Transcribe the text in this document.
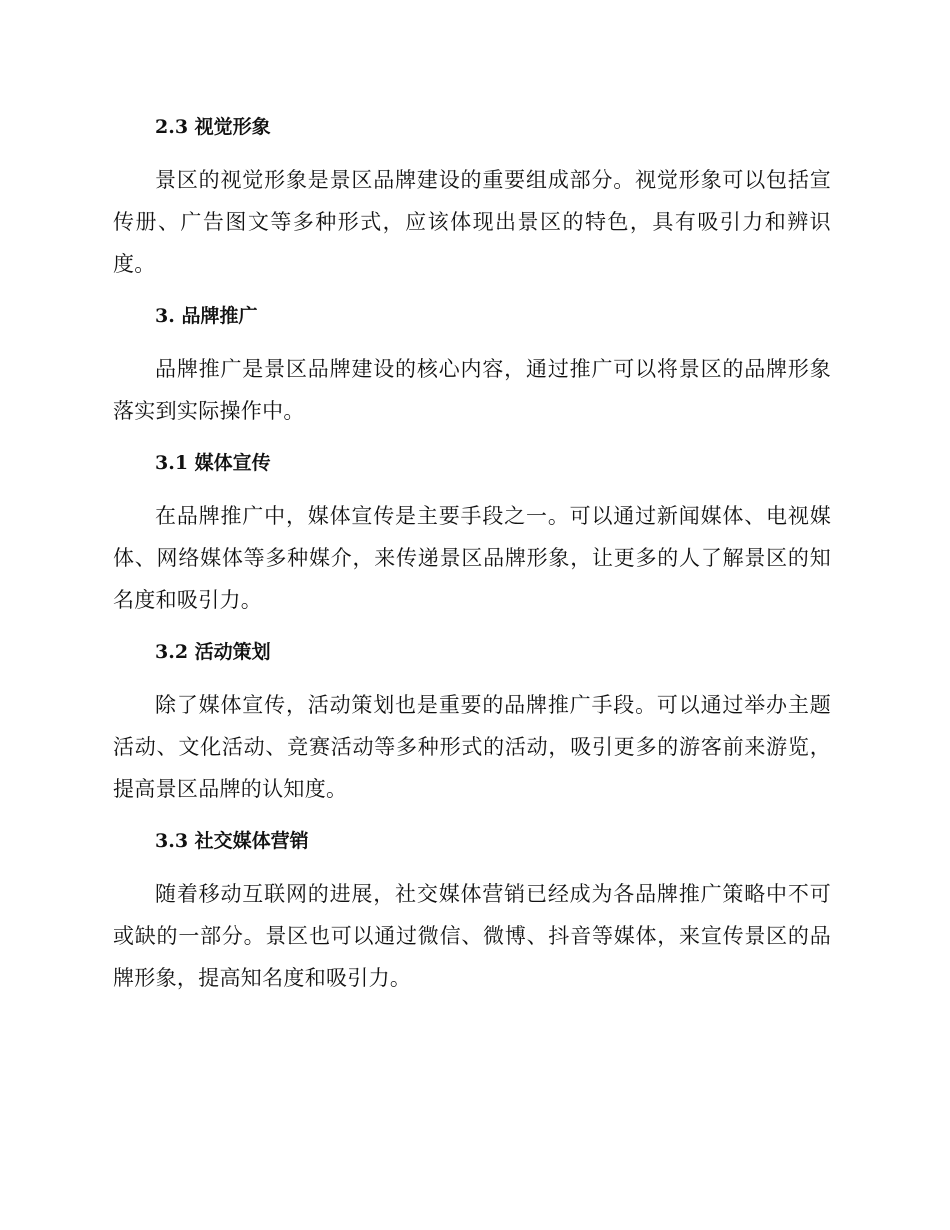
2.3 视觉形象

景区的视觉形象是景区品牌建设的重要组成部分。视觉形象可以包括宣传册、广告图文等多种形式，应该体现出景区的特色，具有吸引力和辨识度。

3. 品牌推广

品牌推广是景区品牌建设的核心内容，通过推广可以将景区的品牌形象落实到实际操作中。

3.1 媒体宣传

在品牌推广中，媒体宣传是主要手段之一。可以通过新闻媒体、电视媒体、网络媒体等多种媒介，来传递景区品牌形象，让更多的人了解景区的知名度和吸引力。

3.2 活动策划

除了媒体宣传，活动策划也是重要的品牌推广手段。可以通过举办主题活动、文化活动、竞赛活动等多种形式的活动，吸引更多的游客前来游览，提高景区品牌的认知度。

3.3 社交媒体营销

随着移动互联网的进展，社交媒体营销已经成为各品牌推广策略中不可或缺的一部分。景区也可以通过微信、微博、抖音等媒体，来宣传景区的品牌形象，提高知名度和吸引力。
